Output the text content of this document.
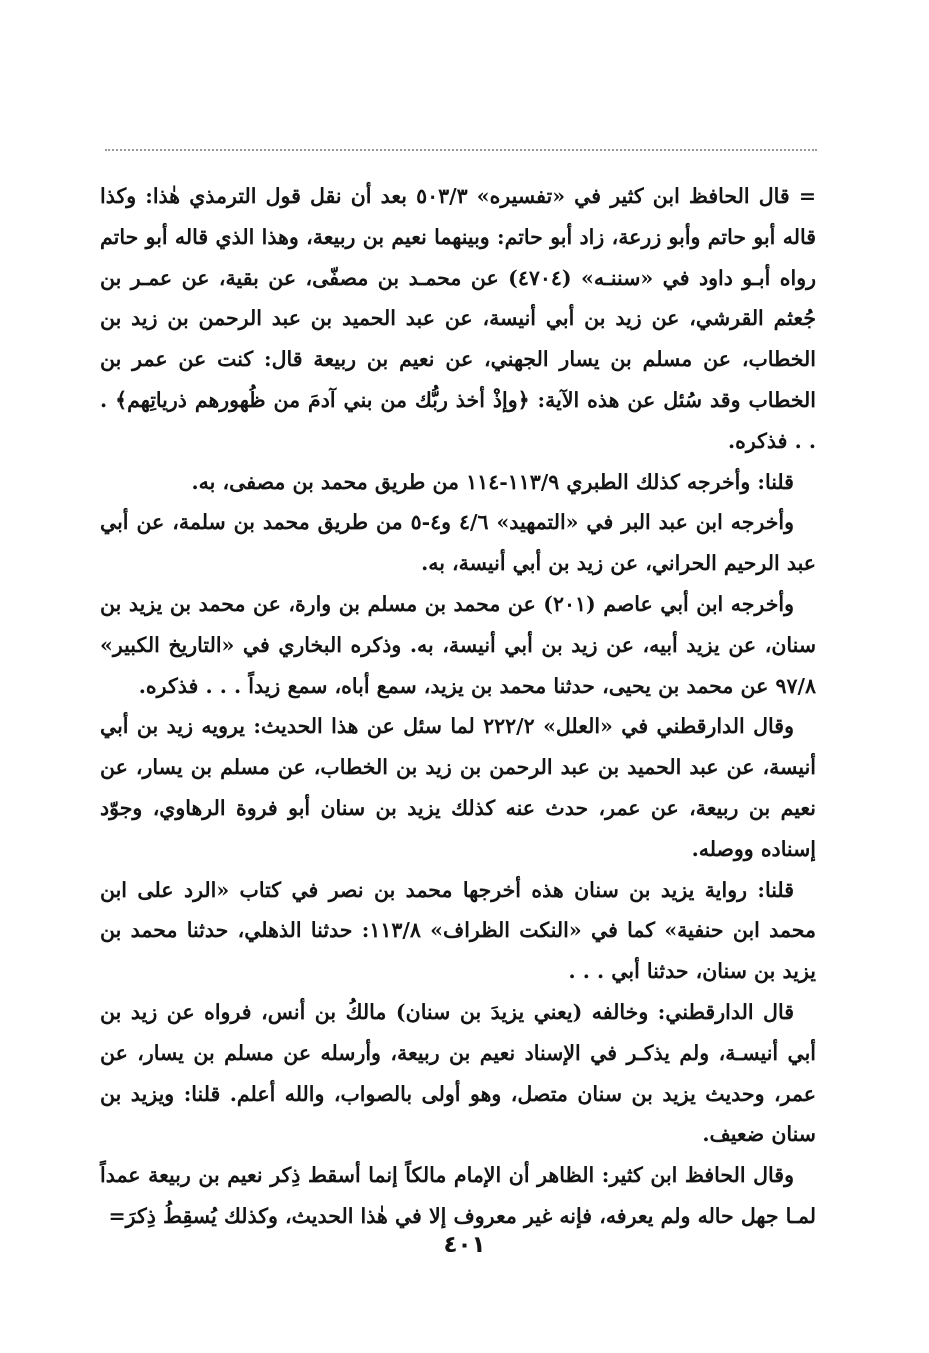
= قال الحافظ ابن كثير في «تفسيره» ٥٠٣/٣ بعد أن نقل قول الترمذي هٰذا: وكذا قاله أبو حاتم وأبو زرعة، زاد أبو حاتم: وبينهما نعيم بن ربيعة، وهذا الذي قاله أبو حاتم رواه أبـو داود في «سننـه» (٤٧٠٤) عن محمـد بن مصفّى، عن بقية، عن عمـر بن جُعثم القرشي، عن زيد بن أبي أنيسة، عن عبد الحميد بن عبد الرحمن بن زيد بن الخطاب، عن مسلم بن يسار الجهني، عن نعيم بن ربيعة قال: كنت عن عمر بن الخطاب وقد سُئل عن هذه الآية: ﴿وإذْ أخذ ربُّك من بني آدمَ من ظُهورهم ذرياتِهم﴾ . . . فذكره.

قلنا: وأخرجه كذلك الطبري ١١٣/٩-١١٤ من طريق محمد بن مصفى، به.

وأخرجه ابن عبد البر في «التمهيد» ٤/٦ و٤-٥ من طريق محمد بن سلمة، عن أبي عبد الرحيم الحراني، عن زيد بن أبي أنيسة، به.

وأخرجه ابن أبي عاصم (٢٠١) عن محمد بن مسلم بن وارة، عن محمد بن يزيد بن سنان، عن يزيد أبيه، عن زيد بن أبي أنيسة، به. وذكره البخاري في «التاريخ الكبير» ٩٧/٨ عن محمد بن يحيى، حدثنا محمد بن يزيد، سمع أباه، سمع زيداً . . . فذكره.

وقال الدارقطني في «العلل» ٢٢٢/٢ لما سئل عن هذا الحديث: يرويه زيد بن أبي أنيسة، عن عبد الحميد بن عبد الرحمن بن زيد بن الخطاب، عن مسلم بن يسار، عن نعيم بن ربيعة، عن عمر، حدث عنه كذلك يزيد بن سنان أبو فروة الرهاوي، وجوّد إسناده ووصله.

قلنا: رواية يزيد بن سنان هذه أخرجها محمد بن نصر في كتاب «الرد على ابن محمد ابن حنفية» كما في «النكت الظراف» ١١٣/٨: حدثنا الذهلي، حدثنا محمد بن يزيد بن سنان، حدثنا أبي . . .

قال الدارقطني: وخالفه (يعني يزيدَ بن سنان) مالكُ بن أنس، فرواه عن زيد بن أبي أنيسـة، ولم يذكـر في الإسناد نعيم بن ربيعة، وأرسله عن مسلم بن يسار، عن عمر، وحديث يزيد بن سنان متصل، وهو أولى بالصواب، والله أعلم. قلنا: ويزيد بن سنان ضعيف.

وقال الحافظ ابن كثير: الظاهر أن الإمام مالكاً إنما أسقط ذِكر نعيم بن ربيعة عمداً لمـا جهل حاله ولم يعرفه، فإنه غير معروف إلا في هٰذا الحديث، وكذلك يُسقِطُ ذِكرَ=

٤٠١
